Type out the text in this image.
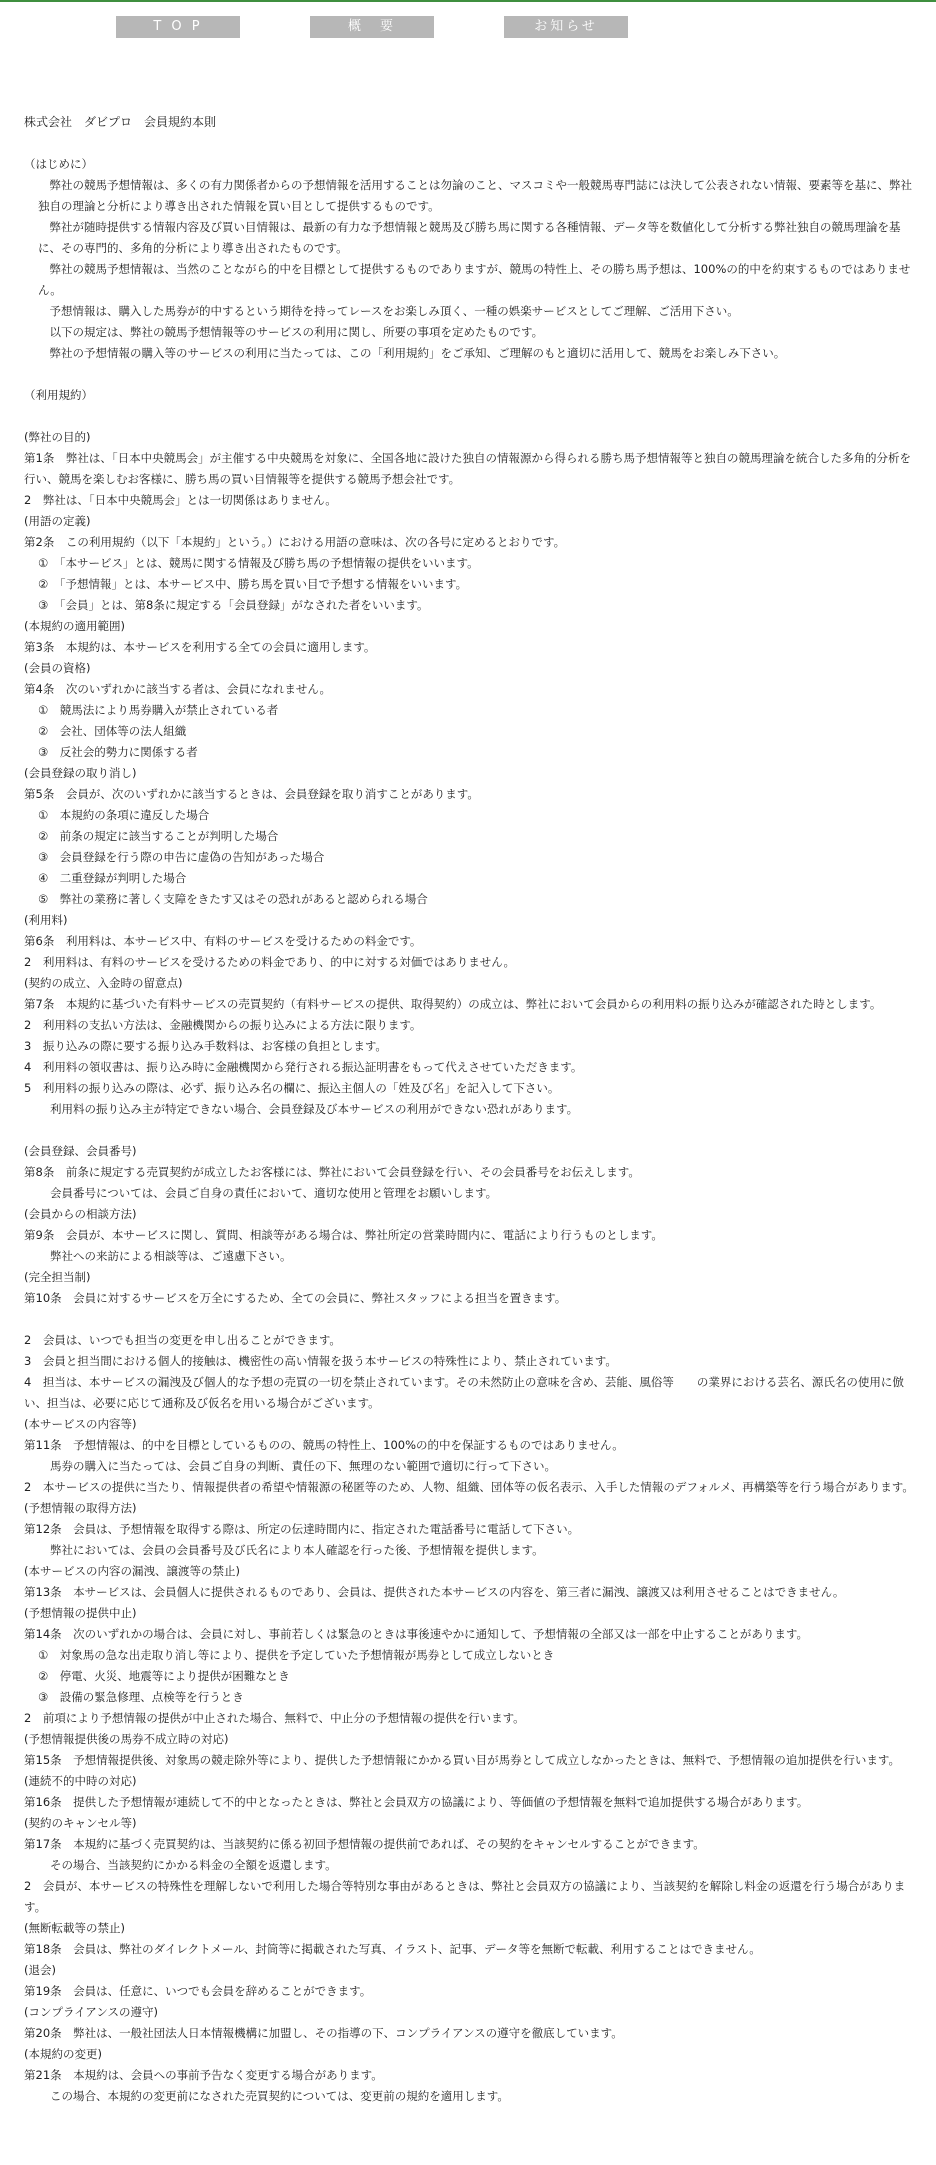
T O P	概　要	お知らせ

株式会社　ダビプロ　会員規約本則

（はじめに）

　弊社の競馬予想情報は、多くの有力関係者からの予想情報を活用することは勿論のこと、マスコミや一般競馬専門誌には決して公表されない情報、要素等を基に、弊社独自の理論と分析により導き出された情報を買い目として提供するものです。

　弊社が随時提供する情報内容及び買い目情報は、最新の有力な予想情報と競馬及び勝ち馬に関する各種情報、データ等を数値化して分析する弊社独自の競馬理論を基に、その専門的、多角的分析により導き出されたものです。

　弊社の競馬予想情報は、当然のことながら的中を目標として提供するものでありますが、競馬の特性上、その勝ち馬予想は、100%の的中を約束するものではありません。

　予想情報は、購入した馬券が的中するという期待を持ってレースをお楽しみ頂く、一種の娯楽サービスとしてご理解、ご活用下さい。

　以下の規定は、弊社の競馬予想情報等のサービスの利用に関し、所要の事項を定めたものです。

　弊社の予想情報の購入等のサービスの利用に当たっては、この「利用規約」をご承知、ご理解のもと適切に活用して、競馬をお楽しみ下さい。

（利用規約）

(弊社の目的)

第1条　弊社は、「日本中央競馬会」が主催する中央競馬を対象に、全国各地に設けた独自の情報源から得られる勝ち馬予想情報等と独自の競馬理論を統合した多角的分析を行い、競馬を楽しむお客様に、勝ち馬の買い目情報等を提供する競馬予想会社です。

2　弊社は、「日本中央競馬会」とは一切関係はありません。

(用語の定義)

第2条　この利用規約（以下「本規約」という。）における用語の意味は、次の各号に定めるとおりです。

①　「本サービス」とは、競馬に関する情報及び勝ち馬の予想情報の提供をいいます。

②　「予想情報」とは、本サービス中、勝ち馬を買い目で予想する情報をいいます。

③　「会員」とは、第8条に規定する「会員登録」がなされた者をいいます。

(本規約の適用範囲)

第3条　本規約は、本サービスを利用する全ての会員に適用します。

(会員の資格)

第4条　次のいずれかに該当する者は、会員になれません。

①　競馬法により馬券購入が禁止されている者

②　会社、団体等の法人組織

③　反社会的勢力に関係する者

(会員登録の取り消し)

第5条　会員が、次のいずれかに該当するときは、会員登録を取り消すことがあります。

①　本規約の条項に違反した場合

②　前条の規定に該当することが判明した場合

③　会員登録を行う際の申告に虚偽の告知があった場合

④　二重登録が判明した場合

⑤　弊社の業務に著しく支障をきたす又はその恐れがあると認められる場合

(利用料)

第6条　利用料は、本サービス中、有料のサービスを受けるための料金です。

2　利用料は、有料のサービスを受けるための料金であり、的中に対する対価ではありません。

(契約の成立、入金時の留意点)

第7条　本規約に基づいた有料サービスの売買契約（有料サービスの提供、取得契約）の成立は、弊社において会員からの利用料の振り込みが確認された時とします。

2　利用料の支払い方法は、金融機関からの振り込みによる方法に限ります。

3　振り込みの際に要する振り込み手数料は、お客様の負担とします。

4　利用料の領収書は、振り込み時に金融機関から発行される振込証明書をもって代えさせていただきます。

5　利用料の振り込みの際は、必ず、振り込み名の欄に、振込主個人の「姓及び名」を記入して下さい。

利用料の振り込み主が特定できない場合、会員登録及び本サービスの利用ができない恐れがあります。

(会員登録、会員番号)

第8条　前条に規定する売買契約が成立したお客様には、弊社において会員登録を行い、その会員番号をお伝えします。

会員番号については、会員ご自身の責任において、適切な使用と管理をお願いします。

(会員からの相談方法)

第9条　会員が、本サービスに関し、質問、相談等がある場合は、弊社所定の営業時間内に、電話により行うものとします。

弊社への来訪による相談等は、ご遠慮下さい。

(完全担当制)

第10条　会員に対するサービスを万全にするため、全ての会員に、弊社スタッフによる担当を置きます。

2　会員は、いつでも担当の変更を申し出ることができます。

3　会員と担当間における個人的接触は、機密性の高い情報を扱う本サービスの特殊性により、禁止されています。

4　担当は、本サービスの漏洩及び個人的な予想の売買の一切を禁止されています。その未然防止の意味を含め、芸能、風俗等　　の業界における芸名、源氏名の使用に倣い、担当は、必要に応じて通称及び仮名を用いる場合がございます。

(本サービスの内容等)

第11条　予想情報は、的中を目標としているものの、競馬の特性上、100%の的中を保証するものではありません。

馬券の購入に当たっては、会員ご自身の判断、責任の下、無理のない範囲で適切に行って下さい。

2　本サービスの提供に当たり、情報提供者の希望や情報源の秘匿等のため、人物、組織、団体等の仮名表示、入手した情報のデフォルメ、再構築等を行う場合があります。

(予想情報の取得方法)

第12条　会員は、予想情報を取得する際は、所定の伝達時間内に、指定された電話番号に電話して下さい。

弊社においては、会員の会員番号及び氏名により本人確認を行った後、予想情報を提供します。

(本サービスの内容の漏洩、譲渡等の禁止)

第13条　本サービスは、会員個人に提供されるものであり、会員は、提供された本サービスの内容を、第三者に漏洩、譲渡又は利用させることはできません。

(予想情報の提供中止)

第14条　次のいずれかの場合は、会員に対し、事前若しくは緊急のときは事後速やかに通知して、予想情報の全部又は一部を中止することがあります。

①　対象馬の急な出走取り消し等により、提供を予定していた予想情報が馬券として成立しないとき

②　停電、火災、地震等により提供が困難なとき

③　設備の緊急修理、点検等を行うとき

2　前項により予想情報の提供が中止された場合、無料で、中止分の予想情報の提供を行います。

(予想情報提供後の馬券不成立時の対応)

第15条　予想情報提供後、対象馬の競走除外等により、提供した予想情報にかかる買い目が馬券として成立しなかったときは、無料で、予想情報の追加提供を行います。

(連続不的中時の対応)

第16条　提供した予想情報が連続して不的中となったときは、弊社と会員双方の協議により、等価値の予想情報を無料で追加提供する場合があります。

(契約のキャンセル等)

第17条　本規約に基づく売買契約は、当該契約に係る初回予想情報の提供前であれば、その契約をキャンセルすることができます。

その場合、当該契約にかかる料金の全額を返還します。

2　会員が、本サービスの特殊性を理解しないで利用した場合等特別な事由があるときは、弊社と会員双方の協議により、当該契約を解除し料金の返還を行う場合があります。

(無断転載等の禁止)

第18条　会員は、弊社のダイレクトメール、封筒等に掲載された写真、イラスト、記事、データ等を無断で転載、利用することはできません。

(退会)

第19条　会員は、任意に、いつでも会員を辞めることができます。

(コンプライアンスの遵守)

第20条　弊社は、一般社団法人日本情報機構に加盟し、その指導の下、コンプライアンスの遵守を徹底しています。

(本規約の変更)

第21条　本規約は、会員への事前予告なく変更する場合があります。

この場合、本規約の変更前になされた売買契約については、変更前の規約を適用します。
